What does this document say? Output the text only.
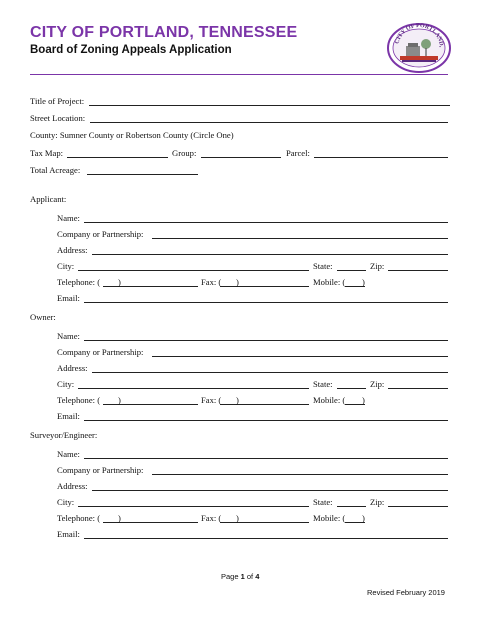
CITY OF PORTLAND, TENNESSEE
Board of Zoning Appeals Application
CITY OF PORTLAND,
Title of Project:
Street Location:
County: Sumner County or Robertson County (Circle One)
Tax Map:	Group:	Parcel:
Total Acreage:
Applicant:
Name:
Company or Partnership:
Address:
City:	State:	Zip:
Telephone: ( )	Fax: ( )	Mobile: ( )
Email:
Owner:
Name:
Company or Partnership:
Address:
City:	State:	Zip:
Telephone: ( )	Fax: ( )	Mobile: ( )
Email:
Surveyor/Engineer:
Name:
Company or Partnership:
Address:
City:	State:	Zip:
Telephone: ( )	Fax: ( )	Mobile: ( )
Email:
Page 1 of 4
Revised February 2019
